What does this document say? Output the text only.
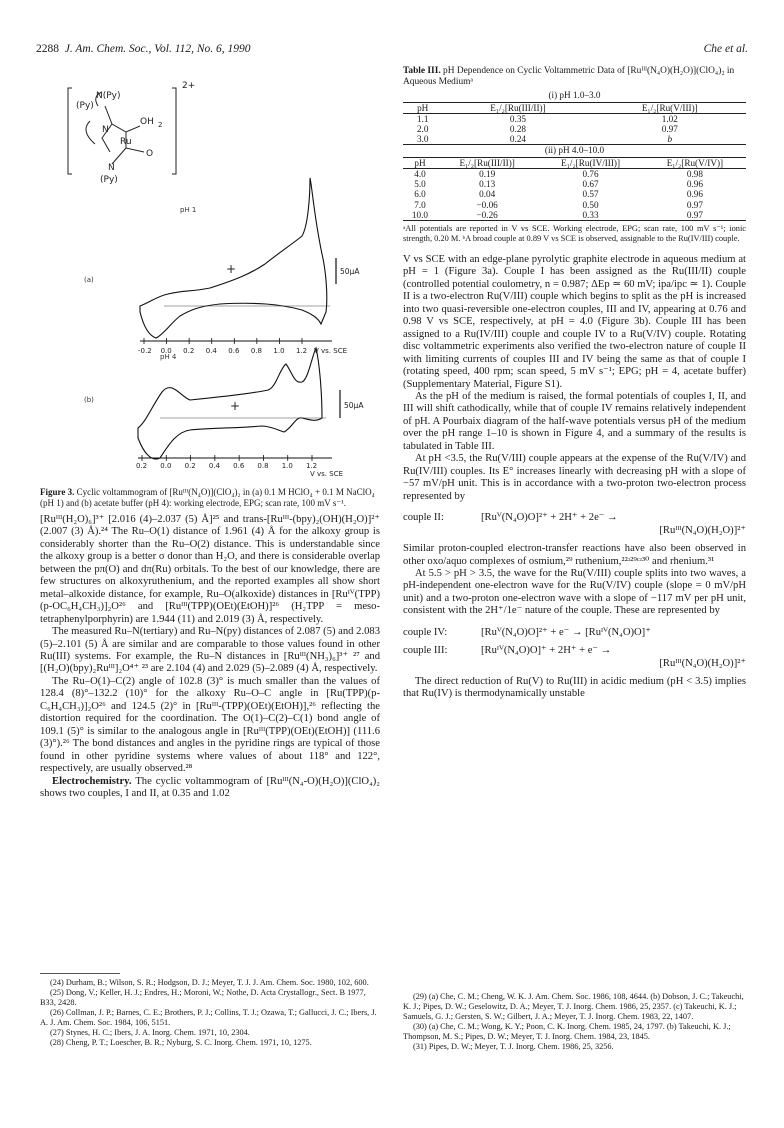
2288 J. Am. Chem. Soc., Vol. 112, No. 6, 1990	Che et al.
2+
(Py)
N(Py)
OH 2
N
Ru
O
N
(Py)
(a)
pH 1
+	50µA
-0.2 0.0 0.2 0.4 0.6 0.8 1.0 1.2 V vs. SCE
(b)
pH 4
+	50µA
0.2 0.0 0.2 0.4 0.6 0.8 1.0 1.2
V vs. SCE
Figure 3. Cyclic voltammogram of [Ruᴵᴵᴵ(N₄O)](ClO₄)₂ in (a) 0.1 M HClO₄ + 0.1 M NaClO₄ (pH 1) and (b) acetate buffer (pH 4): working electrode, EPG; scan rate, 100 mV s⁻¹.

[Ruᴵᴵᴵ(H₂O)₆]³⁺ [2.016 (4)–2.037 (5) Å]²⁵ and trans-[Ruᴵᴵᴵ-(bpy)₂(OH)(H₂O)]²⁺ (2.007 (3) Å).²⁴ The Ru–O(1) distance of 1.961 (4) Å for the alkoxy group is considerably shorter than the Ru–O(2) distance. This is understandable since the alkoxy group is a better σ donor than H₂O, and there is considerable overlap between the pπ(O) and dπ(Ru) orbitals. To the best of our knowledge, there are few structures on alkoxyruthenium, and the reported examples all show short metal–alkoxide distance, for example, Ru–O(alkoxide) distances in [Ruᴵⱽ(TPP)(p-OC₆H₄CH₃)]₂O²⁶ and [Ruᴵᴵᴵ(TPP)(OEt)(EtOH)]²⁶ (H₂TPP = meso-tetraphenylporphyrin) are 1.944 (11) and 2.019 (3) Å, respectively.

The measured Ru–N(tertiary) and Ru–N(py) distances of 2.087 (5) and 2.083 (5)–2.101 (5) Å are similar and are comparable to those values found in other Ru(III) systems. For example, the Ru–N distances in [Ruᴵᴵᴵ(NH₃)₆]³⁺ ²⁷ and [(H₂O)(bpy)₂Ruᴵᴵᴵ]₂O⁴⁺ ²³ are 2.104 (4) and 2.029 (5)–2.089 (4) Å, respectively.

The Ru–O(1)–C(2) angle of 102.8 (3)° is much smaller than the values of 128.4 (8)°–132.2 (10)° for the alkoxy Ru–O–C angle in [Ru(TPP)(p-C₆H₄CH₃)]₂O²⁶ and 124.5 (2)° in [Ruᴵᴵᴵ-(TPP)(OEt)(EtOH)],²⁶ reflecting the distortion required for the coordination. The O(1)–C(2)–C(1) bond angle of 109.1 (5)° is similar to the analogous angle in [Ruᴵᴵᴵ(TPP)(OEt)(EtOH)] (111.6 (3)°).²⁶ The bond distances and angles in the pyridine rings are typical of those found in other pyridine systems where values of about 118° and 122°, respectively, are usually observed.²⁸

Electrochemistry. The cyclic voltammogram of [Ruᴵᴵᴵ(N₄-O)(H₂O)](ClO₄)₂ shows two couples, I and II, at 0.35 and 1.02

Table III. pH Dependence on Cyclic Voltammetric Data of [Ruᴵᴵᴵ(N₄O)(H₂O)](ClO₄)₂ in Aqueous Mediumᵃ
(i) pH 1.0–3.0
pH	E₁/₂[Ru(III/II)]	E₁/₂[Ru(V/III)]
1.1	0.35	1.02
2.0	0.28	0.97
3.0	0.24	b
(ii) pH 4.0–10.0
pH	E₁/₂[Ru(III/II)]	E₁/₂[Ru(IV/III)]	E₁/₂[Ru(V/IV)]
4.0	0.19	0.76	0.98
5.0	0.13	0.67	0.96
6.0	0.04	0.57	0.96
7.0	−0.06	0.50	0.97
10.0	−0.26	0.33	0.97
ᵃAll potentials are reported in V vs SCE. Working electrode, EPG; scan rate, 100 mV s⁻¹; ionic strength, 0.20 M. ᵇA broad couple at 0.89 V vs SCE is observed, assignable to the Ru(IV/III) couple.

V vs SCE with an edge-plane pyrolytic graphite electrode in aqueous medium at pH = 1 (Figure 3a). Couple I has been assigned as the Ru(III/II) couple (controlled potential coulometry, n = 0.987; ΔEp ≃ 60 mV; ipa/ipc ≃ 1). Couple II is a two-electron Ru(V/III) couple which begins to split as the pH is increased into two quasi-reversible one-electron couples, III and IV, appearing at 0.76 and 0.98 V vs SCE, respectively, at pH = 4.0 (Figure 3b). Couple III has been assigned to a Ru(IV/III) couple and couple IV to a Ru(V/IV) couple. Rotating disc voltammetric experiments also verified the two-electron nature of couple II with limiting currents of couples III and IV being the same as that of couple I (rotating speed, 400 rpm; scan speed, 5 mV s⁻¹; EPG; pH = 4, acetate buffer) (Supplementary Material, Figure S1).

As the pH of the medium is raised, the formal potentials of couples I, II, and III will shift cathodically, while that of couple IV remains relatively independent of pH. A Pourbaix diagram of the half-wave potentials versus pH of the medium over the pH range 1–10 is shown in Figure 4, and a summary of the results is tabulated in Table III.

At pH <3.5, the Ru(V/III) couple appears at the expense of the Ru(V/IV) and Ru(IV/III) couples. Its E° increases linearly with decreasing pH with a slope of −57 mV/pH unit. This is in accordance with a two-proton two-electron process represented by

couple II:	[Ruⱽ(N₄O)O]²⁺ + 2H⁺ + 2e⁻ →
[Ruᴵᴵᴵ(N₄O)(H₂O)]²⁺

Similar proton-coupled electron-transfer reactions have also been observed in other oxo/aquo complexes of osmium,²⁹ ruthenium,²²ʴ²⁹ᶜʴ³⁰ and rhenium.³¹

At 5.5 > pH > 3.5, the wave for the Ru(V/III) couple splits into two waves, a pH-independent one-electron wave for the Ru(V/IV) couple (slope = 0 mV/pH unit) and a two-proton one-electron wave with a slope of −117 mV per pH unit, consistent with the 2H⁺/1e⁻ nature of the couple. These are represented by

couple IV:	[Ruⱽ(N₄O)O]²⁺ + e⁻ → [Ruᴵⱽ(N₄O)O]⁺
couple III:	[Ruᴵⱽ(N₄O)O]⁺ + 2H⁺ + e⁻ →
[Ruᴵᴵᴵ(N₄O)(H₂O)]²⁺

The direct reduction of Ru(V) to Ru(III) in acidic medium (pH < 3.5) implies that Ru(IV) is thermodynamically unstable

(24) Durham, B.; Wilson, S. R.; Hodgson, D. J.; Meyer, T. J. J. Am. Chem. Soc. 1980, 102, 600.
(25) Dong, V.; Keller, H. J.; Endres, H.; Moroni, W.; Nothe, D. Acta Crystallogr., Sect. B 1977, B33, 2428.
(26) Collman, J. P.; Barnes, C. E.; Brothers, P. J.; Collins, T. J.; Ozawa, T.; Gallucci, J. C.; Ibers, J. A. J. Am. Chem. Soc. 1984, 106, 5151.
(27) Stynes, H. C.; Ibers, J. A. Inorg. Chem. 1971, 10, 2304.
(28) Cheng, P. T.; Loescher, B. R.; Nyburg, S. C. Inorg. Chem. 1971, 10, 1275.
(29) (a) Che, C. M.; Cheng, W. K. J. Am. Chem. Soc. 1986, 108, 4644. (b) Dobson, J. C.; Takeuchi, K. J.; Pipes, D. W.; Geselowitz, D. A.; Meyer, T. J. Inorg. Chem. 1986, 25, 2357. (c) Takeuchi, K. J.; Samuels, G. J.; Gersten, S. W.; Gilbert, J. A.; Meyer, T. J. Inorg. Chem. 1983, 22, 1407.
(30) (a) Che, C. M.; Wong, K. Y.; Poon, C. K. Inorg. Chem. 1985, 24, 1797. (b) Takeuchi, K. J.; Thompson, M. S.; Pipes, D. W.; Meyer, T. J. Inorg. Chem. 1984, 23, 1845.
(31) Pipes, D. W.; Meyer, T. J. Inorg. Chem. 1986, 25, 3256.
